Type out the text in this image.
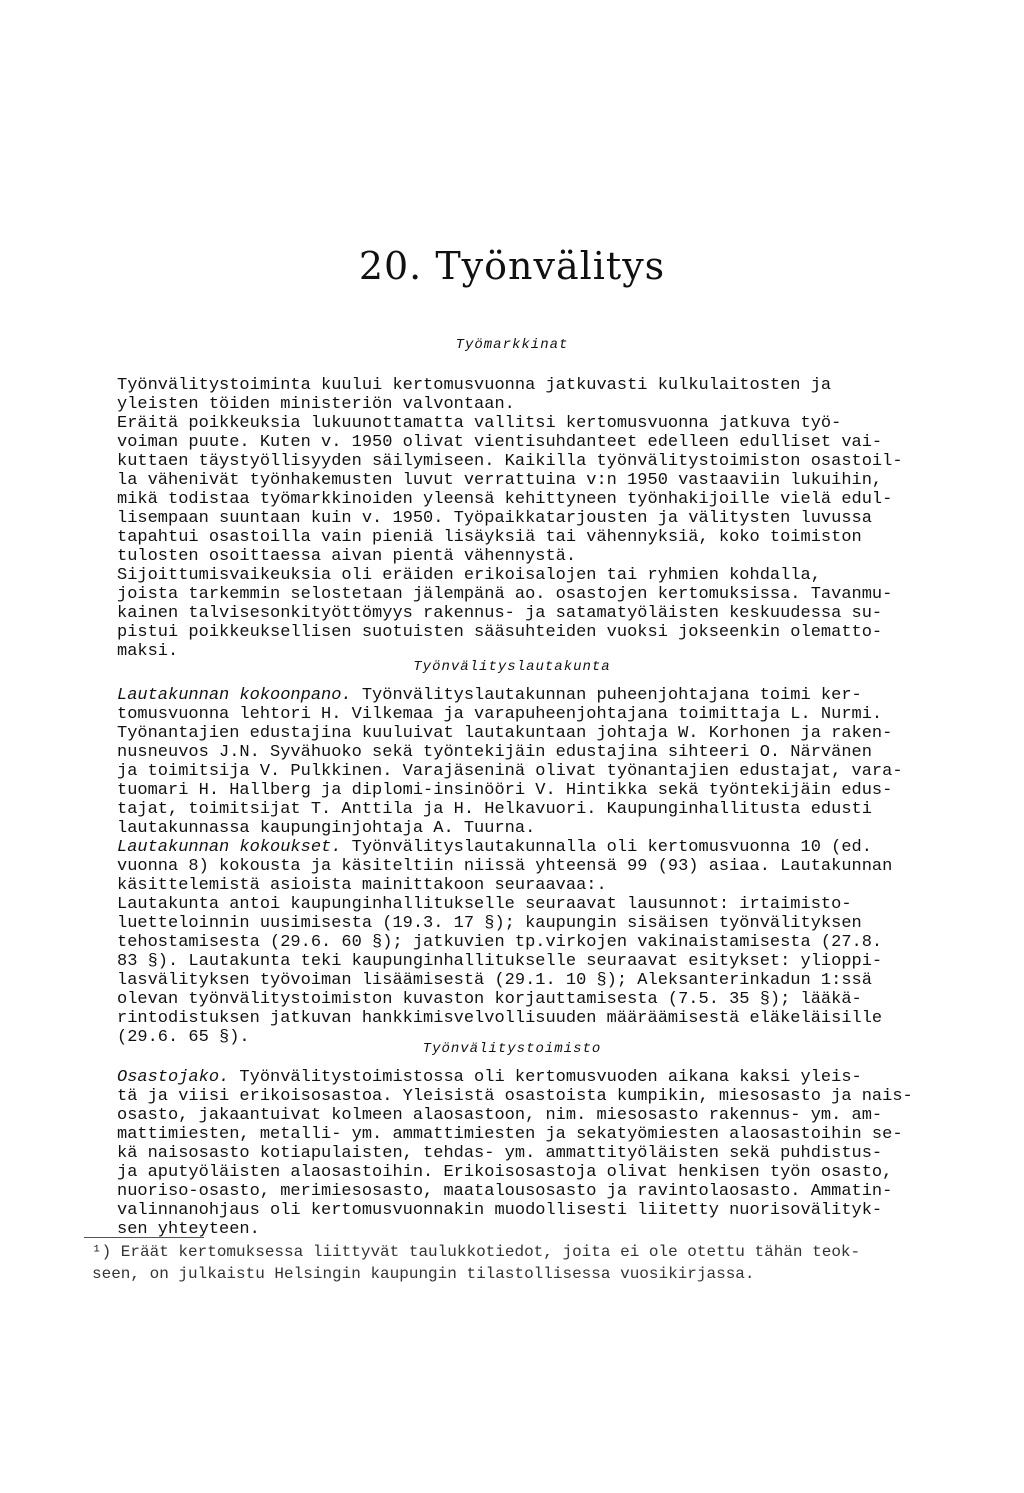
20. Työnvälitys
Työmarkkinat
Työnvälitystoiminta kuului kertomusvuonna jatkuvasti kulkulaitosten ja
yleisten töiden ministeriön valvontaan.
Eräitä poikkeuksia lukuunottamatta vallitsi kertomusvuonna jatkuva työ-
voiman puute. Kuten v. 1950 olivat vientisuhdanteet edelleen edulliset vai-
kuttaen täystyöllisyyden säilymiseen. Kaikilla työnvälitystoimiston osastoil-
la vähenivät työnhakemusten luvut verrattuina v:n 1950 vastaaviin lukuihin,
mikä todistaa työmarkkinoiden yleensä kehittyneen työnhakijoille vielä edul-
lisempaan suuntaan kuin v. 1950. Työpaikkatarjousten ja välitysten luvussa
tapahtui osastoilla vain pieniä lisäyksiä tai vähennyksiä, koko toimiston
tulosten osoittaessa aivan pientä vähennystä.
Sijoittumisvaikeuksia oli eräiden erikoisalojen tai ryhmien kohdalla,
joista tarkemmin selostetaan jälempänä ao. osastojen kertomuksissa. Tavanmu-
kainen talvisesonkityöttömyys rakennus- ja satamatyöläisten keskuudessa su-
pistui poikkeuksellisen suotuisten sääsuhteiden vuoksi jokseenkin olematto-
maksi.
Työnvälityslautakunta
Lautakunnan kokoonpano. Työnvälityslautakunnan puheenjohtajana toimi ker-
tomusvuonna lehtori H. Vilkemaa ja varapuheenjohtajana toimittaja L. Nurmi.
Työnantajien edustajina kuuluivat lautakuntaan johtaja W. Korhonen ja raken-
nusneuvos J.N. Syvähuoko sekä työntekijäin edustajina sihteeri O. Närvänen
ja toimitsija V. Pulkkinen. Varajäseninä olivat työnantajien edustajat, vara-
tuomari H. Hallberg ja diplomi-insinööri V. Hintikka sekä työntekijäin edus-
tajat, toimitsijat T. Anttila ja H. Helkavuori. Kaupunginhallitusta edusti
lautakunnassa kaupunginjohtaja A. Tuurna.
Lautakunnan kokoukset. Työnvälityslautakunnalla oli kertomusvuonna 10 (ed.
vuonna 8) kokousta ja käsiteltiin niissä yhteensä 99 (93) asiaa. Lautakunnan
käsittelemistä asioista mainittakoon seuraavaa:.
Lautakunta antoi kaupunginhallitukselle seuraavat lausunnot: irtaimisto-
luetteloinnin uusimisesta (19.3. 17 §); kaupungin sisäisen työnvälityksen
tehostamisesta (29.6. 60 §); jatkuvien tp.virkojen vakinaistamisesta (27.8.
83 §). Lautakunta teki kaupunginhallitukselle seuraavat esitykset: ylioppi-
lasvälityksen työvoiman lisäämisestä (29.1. 10 §); Aleksanterinkadun 1:ssä
olevan työnvälitystoimiston kuvaston korjauttamisesta (7.5. 35 §); lääkä-
rintodistuksen jatkuvan hankkimisvelvollisuuden määräämisestä eläkeläisille
(29.6. 65 §).
Työnvälitystoimisto
Osastojako. Työnvälitystoimistossa oli kertomusvuoden aikana kaksi yleis-
tä ja viisi erikoisosastoa. Yleisistä osastoista kumpikin, miesosasto ja nais-
osasto, jakaantuivat kolmeen alaosastoon, nim. miesosasto rakennus- ym. am-
mattimiesten, metalli- ym. ammattimiesten ja sekatyömiesten alaosastoihin se-
kä naisosasto kotiapulaisten, tehdas- ym. ammattityöläisten sekä puhdistus-
ja aputyöläisten alaosastoihin. Erikoisosastoja olivat henkisen työn osasto,
nuoriso-osasto, merimiesosasto, maatalousosasto ja ravintolaosasto. Ammatin-
valinnanohjaus oli kertomusvuonnakin muodollisesti liitetty nuorisovälityk-
sen yhteyteen.
¹) Eräät kertomuksessa liittyvät taulukkotiedot, joita ei ole otettu tähän teok-
seen, on julkaistu Helsingin kaupungin tilastollisessa vuosikirjassa.
